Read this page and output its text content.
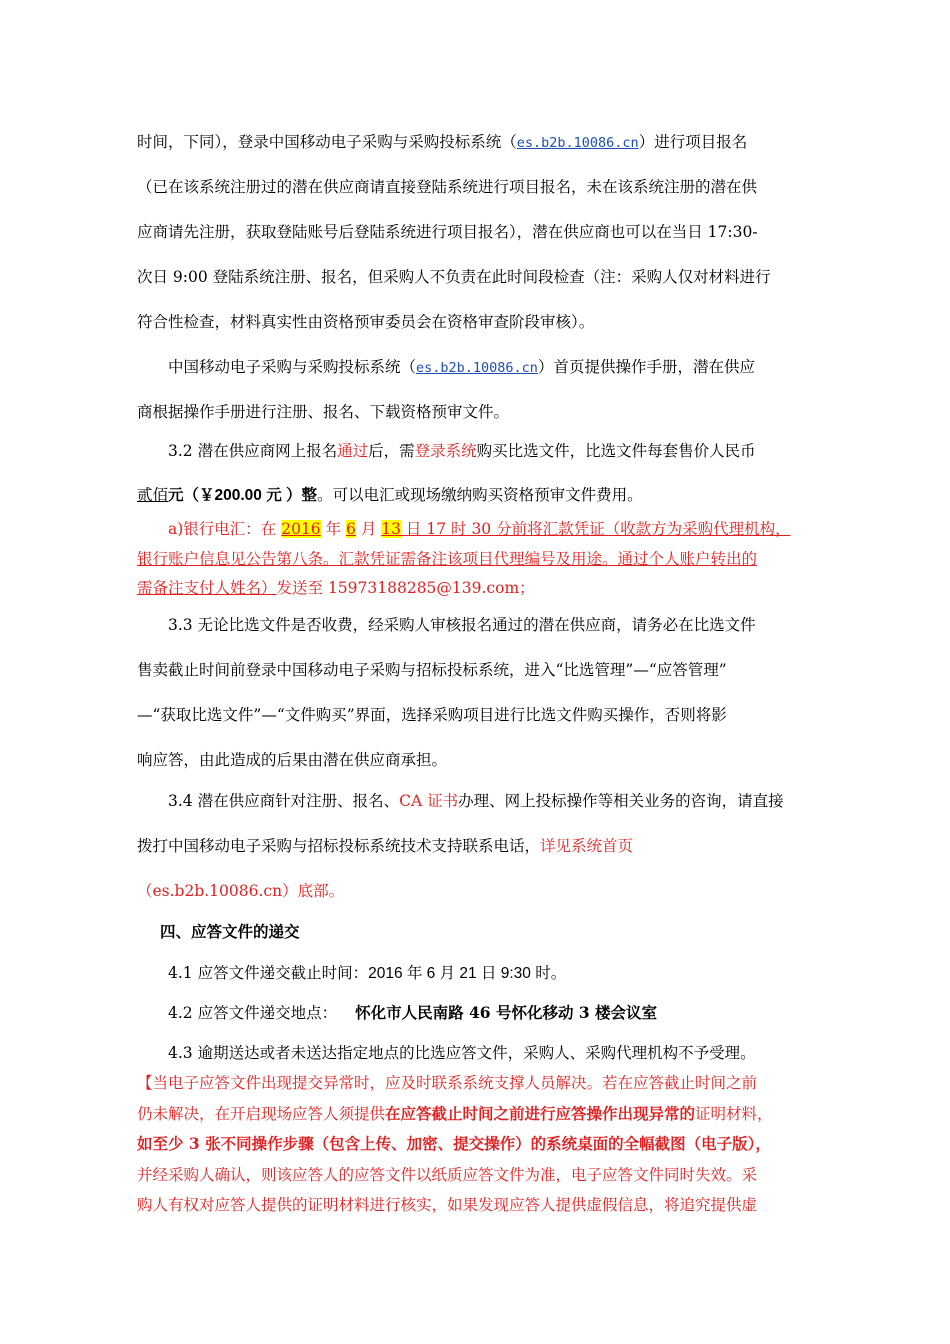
时间，下同），登录中国移动电子采购与采购投标系统（es.b2b.10086.cn）进行项目报名
（已在该系统注册过的潜在供应商请直接登陆系统进行项目报名，未在该系统注册的潜在供
应商请先注册，获取登陆账号后登陆系统进行项目报名），潜在供应商也可以在当日 17:30-
次日 9:00 登陆系统注册、报名，但采购人不负责在此时间段检查（注：采购人仅对材料进行
符合性检查，材料真实性由资格预审委员会在资格审查阶段审核）。
中国移动电子采购与采购投标系统（es.b2b.10086.cn）首页提供操作手册，潜在供应
商根据操作手册进行注册、报名、下载资格预审文件。
3.2 潜在供应商网上报名通过后，需登录系统购买比选文件，比选文件每套售价人民币
贰佰元（￥200.00 元 ）整。可以电汇或现场缴纳购买资格预审文件费用。
a)银行电汇：在 2016 年 6 月 13 日 17 时 30 分前将汇款凭证（收款方为采购代理机构，
银行账户信息见公告第八条。汇款凭证需备注该项目代理编号及用途。通过个人账户转出的
需备注支付人姓名）发送至 15973188285@139.com；
3.3 无论比选文件是否收费，经采购人审核报名通过的潜在供应商，请务必在比选文件
售卖截止时间前登录中国移动电子采购与招标投标系统，进入“比选管理”—“应答管理”
—“获取比选文件”—“文件购买”界面，选择采购项目进行比选文件购买操作，否则将影
响应答，由此造成的后果由潜在供应商承担。
3.4 潜在供应商针对注册、报名、CA 证书办理、网上投标操作等相关业务的咨询，请直接
拨打中国移动电子采购与招标投标系统技术支持联系电话，详见系统首页
（es.b2b.10086.cn）底部。
四、应答文件的递交
4.1 应答文件递交截止时间：2016 年 6 月 21 日 9:30 时。
4.2 应答文件递交地点： 怀化市人民南路 46 号怀化移动 3 楼会议室
4.3 逾期送达或者未送达指定地点的比选应答文件，采购人、采购代理机构不予受理。
【当电子应答文件出现提交异常时，应及时联系系统支撑人员解决。若在应答截止时间之前
仍未解决，在开启现场应答人须提供在应答截止时间之前进行应答操作出现异常的证明材料，
如至少 3 张不同操作步骤（包含上传、加密、提交操作）的系统桌面的全幅截图（电子版），
并经采购人确认，则该应答人的应答文件以纸质应答文件为准，电子应答文件同时失效。采
购人有权对应答人提供的证明材料进行核实，如果发现应答人提供虚假信息，将追究提供虚
